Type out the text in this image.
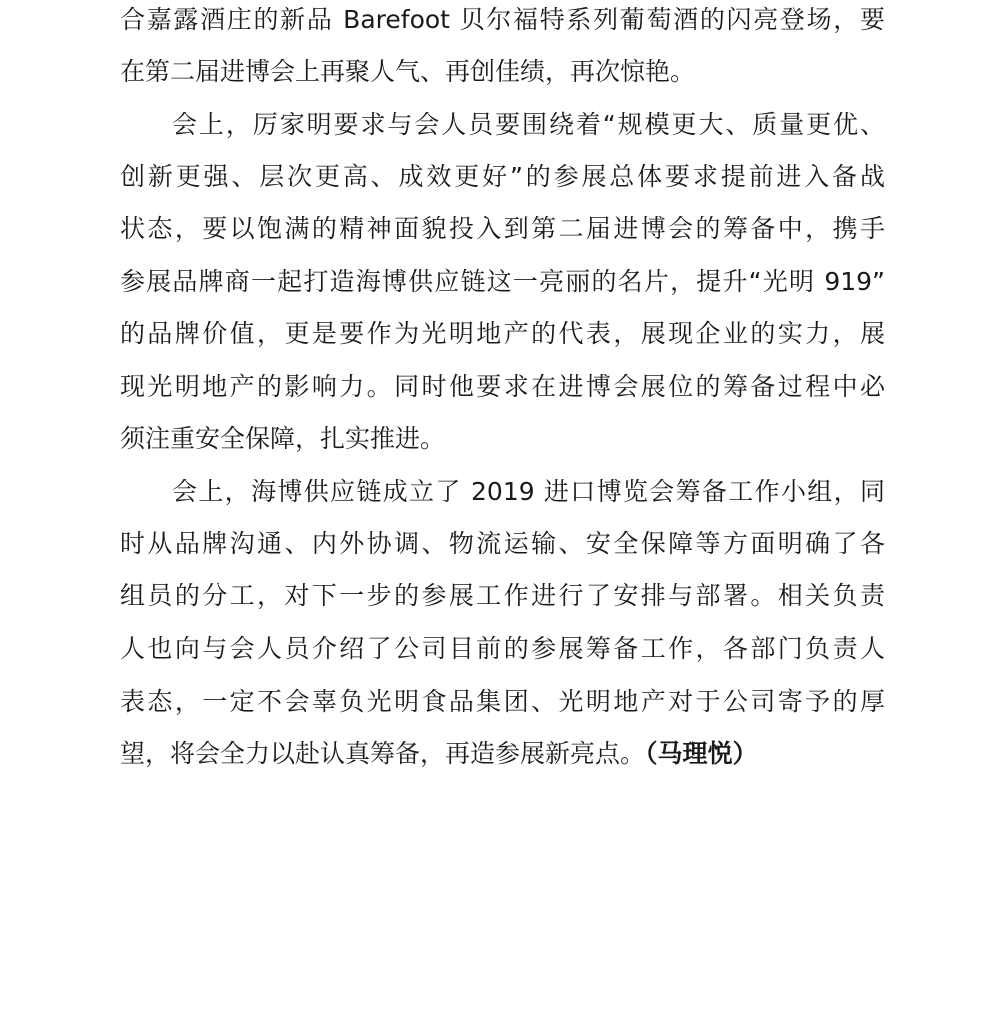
合嘉露酒庄的新品 Barefoot 贝尔福特系列葡萄酒的闪亮登场，要
在第二届进博会上再聚人气、再创佳绩，再次惊艳。
会上，厉家明要求与会人员要围绕着“规模更大、质量更优、
创新更强、层次更高、成效更好”的参展总体要求提前进入备战
状态，要以饱满的精神面貌投入到第二届进博会的筹备中，携手
参展品牌商一起打造海博供应链这一亮丽的名片，提升“光明 919”
的品牌价值，更是要作为光明地产的代表，展现企业的实力，展
现光明地产的影响力。同时他要求在进博会展位的筹备过程中必
须注重安全保障，扎实推进。
会上，海博供应链成立了 2019 进口博览会筹备工作小组，同
时从品牌沟通、内外协调、物流运输、安全保障等方面明确了各
组员的分工，对下一步的参展工作进行了安排与部署。相关负责
人也向与会人员介绍了公司目前的参展筹备工作，各部门负责人
表态，一定不会辜负光明食品集团、光明地产对于公司寄予的厚
望，将会全力以赴认真筹备，再造参展新亮点。（马理悦）
